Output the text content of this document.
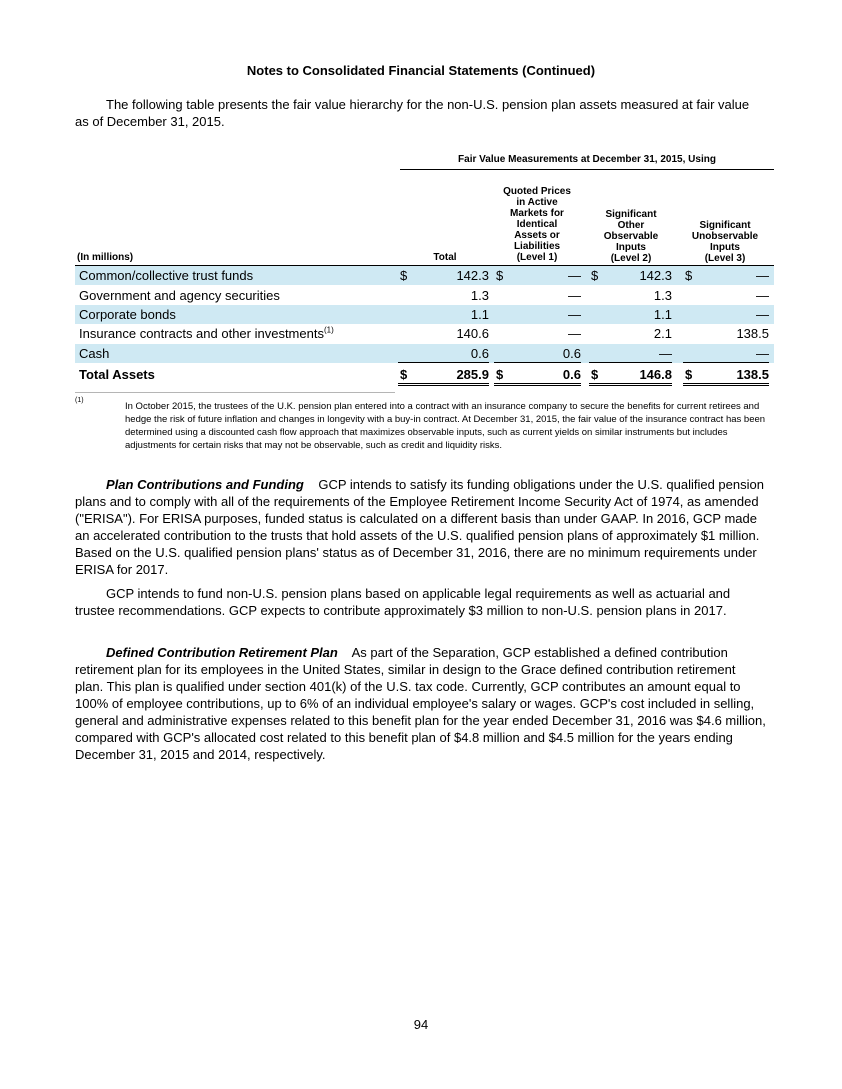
Notes to Consolidated Financial Statements (Continued)

The following table presents the fair value hierarchy for the non-U.S. pension plan assets measured at fair value as of December 31, 2015.

Fair Value Measurements at December 31, 2015, Using
Total
Quoted Prices
in Active
Markets for
Identical
Assets or
Liabilities
(Level 1)
Significant
Other
Observable
Inputs
(Level 2)
Significant
Unobservable
Inputs
(Level 3)
(In millions)
Common/collective trust funds	$	142.3 $	— $	142.3 $	—
Government and agency securities	1.3	—	1.3	—
Corporate bonds	1.1	—	1.1	—
Insurance contracts and other investments$^{(1)}$	140.6	—	2.1	138.5
Cash	0.6	0.6	—	—
Total Assets	$	285.9 $	0.6 $	146.8 $	138.5
(1)

In October 2015, the trustees of the U.K. pension plan entered into a contract with an insurance company to secure the benefits for current retirees and hedge the risk of future inflation and changes in longevity with a buy-in contract. At December 31, 2015, the fair value of the insurance contract has been determined using a discounted cash flow approach that maximizes observable inputs, such as current yields on similar instruments but includes adjustments for certain risks that may not be observable, such as credit and liquidity risks.

Plan Contributions and Funding GCP intends to satisfy its funding obligations under the U.S. qualified pension plans and to comply with all of the requirements of the Employee Retirement Income Security Act of 1974, as amended ("ERISA"). For ERISA purposes, funded status is calculated on a different basis than under GAAP. In 2016, GCP made an accelerated contribution to the trusts that hold assets of the U.S. qualified pension plans of approximately $1 million. Based on the U.S. qualified pension plans' status as of December 31, 2016, there are no minimum requirements under ERISA for 2017.

GCP intends to fund non-U.S. pension plans based on applicable legal requirements as well as actuarial and trustee recommendations. GCP expects to contribute approximately $3 million to non-U.S. pension plans in 2017.

Defined Contribution Retirement Plan As part of the Separation, GCP established a defined contribution retirement plan for its employees in the United States, similar in design to the Grace defined contribution retirement plan. This plan is qualified under section 401(k) of the U.S. tax code. Currently, GCP contributes an amount equal to 100% of employee contributions, up to 6% of an individual employee's salary or wages. GCP's cost included in selling, general and administrative expenses related to this benefit plan for the year ended December 31, 2016 was $4.6 million, compared with GCP's allocated cost related to this benefit plan of $4.8 million and $4.5 million for the years ending December 31, 2015 and 2014, respectively.

94
